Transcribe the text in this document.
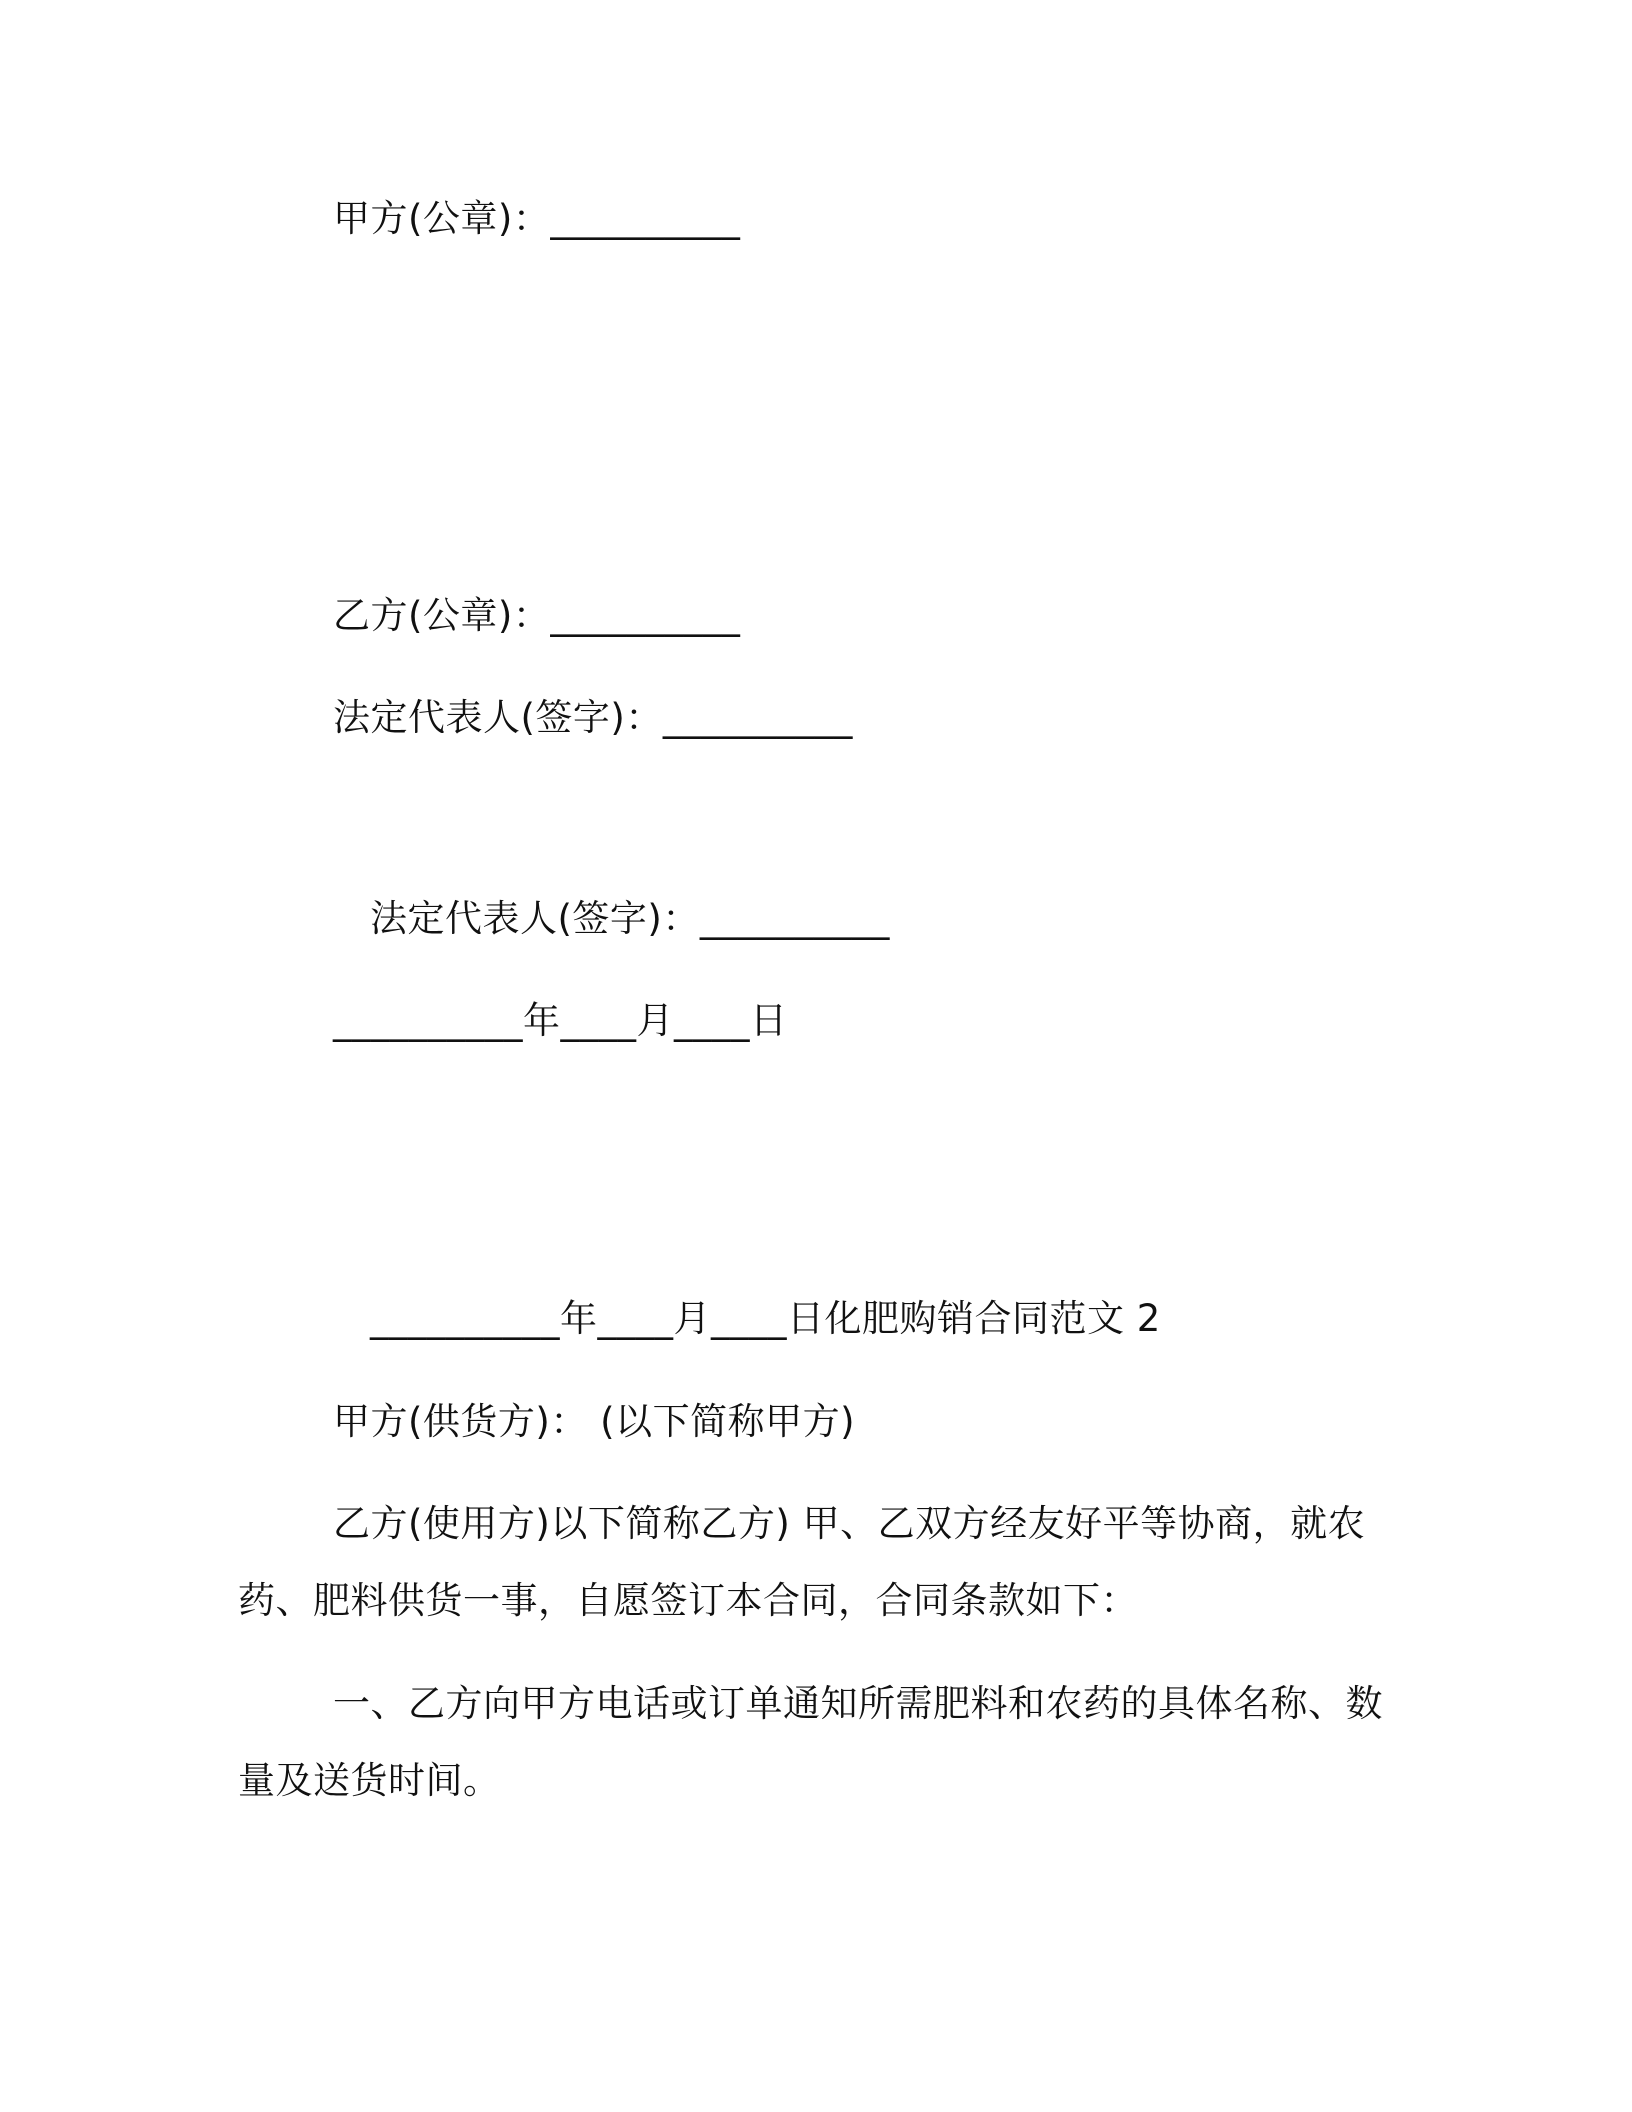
甲方(公章)：__________
乙方(公章)：__________
法定代表人(签字)：__________
法定代表人(签字)：__________
__________年____月____日
__________年____月____日化肥购销合同范文 2
甲方(供货方)： (以下简称甲方)
乙方(使用方)以下简称乙方) 甲、乙双方经友好平等协商，就农
药、肥料供货一事，自愿签订本合同，合同条款如下：
一、乙方向甲方电话或订单通知所需肥料和农药的具体名称、数
量及送货时间。
